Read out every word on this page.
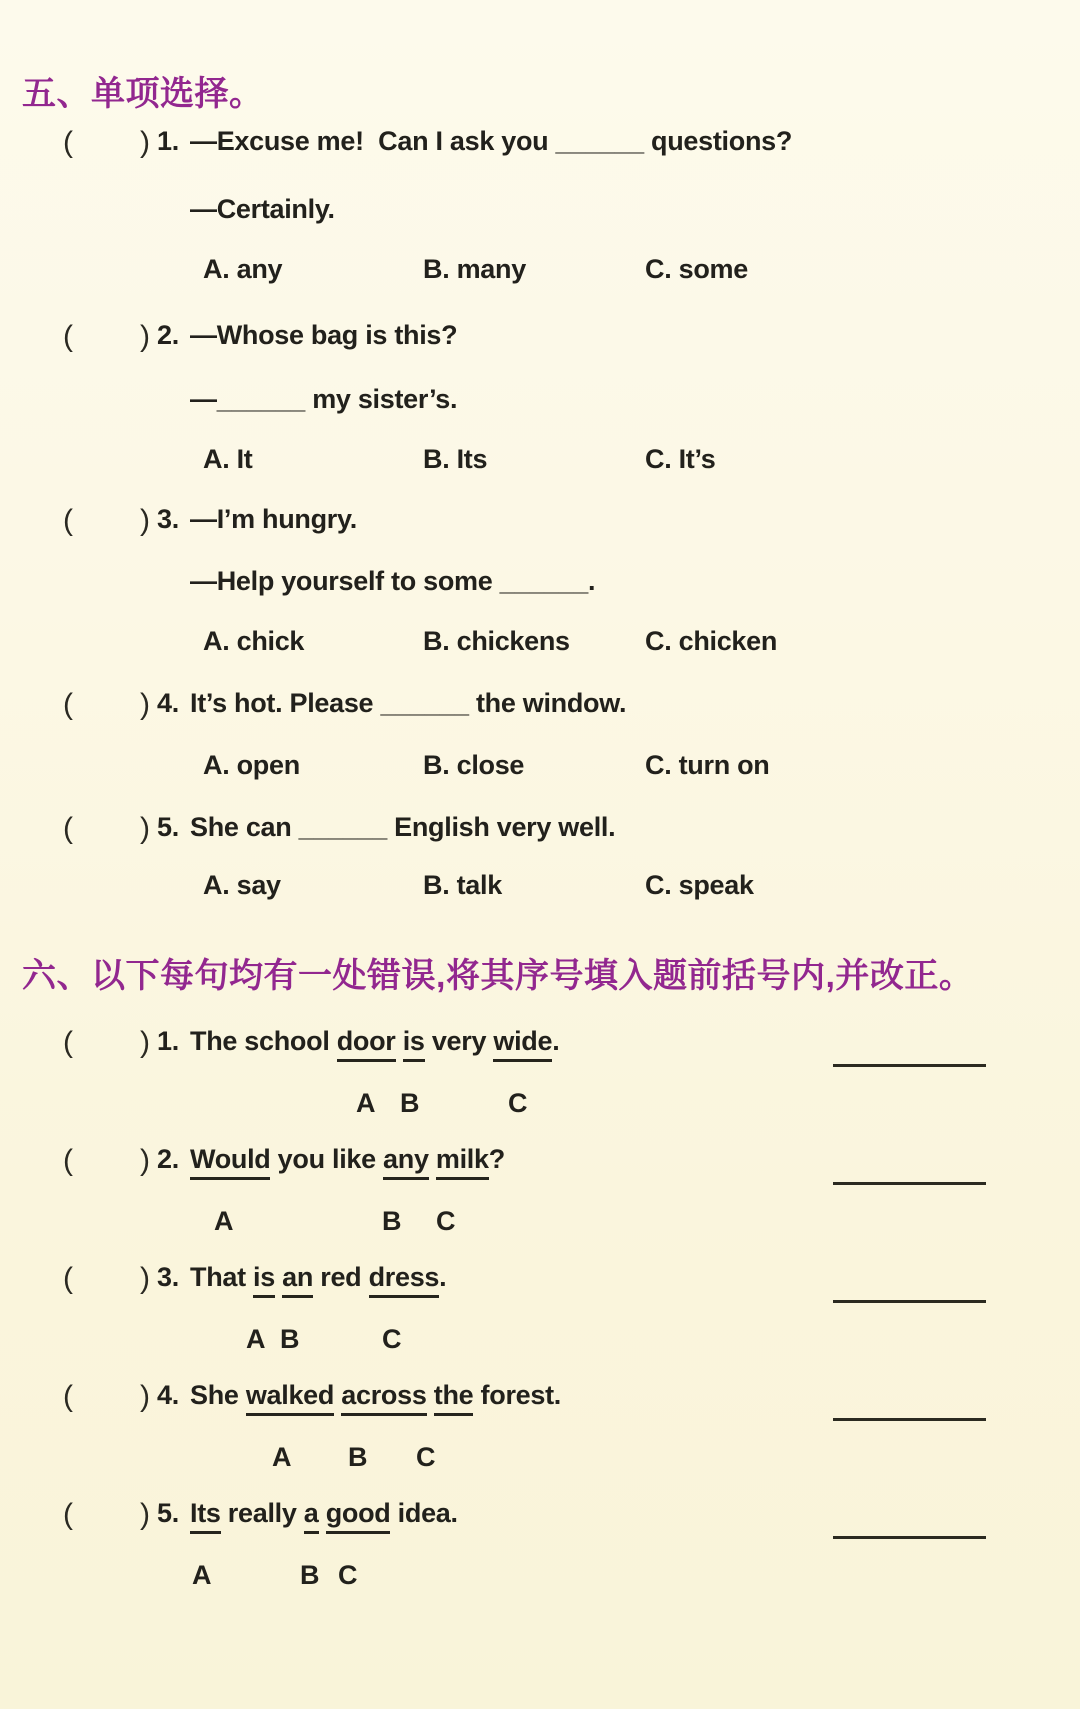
五、单项选择。
( ) 1. —Excuse me!  Can I ask you ______ questions?
—Certainly.
A. any	B. many	C. some
( ) 2. —Whose bag is this?
—______ my sister’s.
A. It	B. Its	C. It’s
( ) 3. —I’m hungry.
—Help yourself to some ______.
A. chick	B. chickens	C. chicken
( ) 4. It’s hot. Please ______ the window.
A. open	B. close	C. turn on
( ) 5. She can ______ English very well.
A. say	B. talk	C. speak
六、以下每句均有一处错误,将其序号填入题前括号内,并改正。
( ) 1. The school door is very wide.
A B	C
( ) 2. Would you like any milk?
A	B C
( ) 3. That is an red dress.
A B	C
( ) 4. She walked across the forest.
A B C
( ) 5. Its really a good idea.
A	B C
